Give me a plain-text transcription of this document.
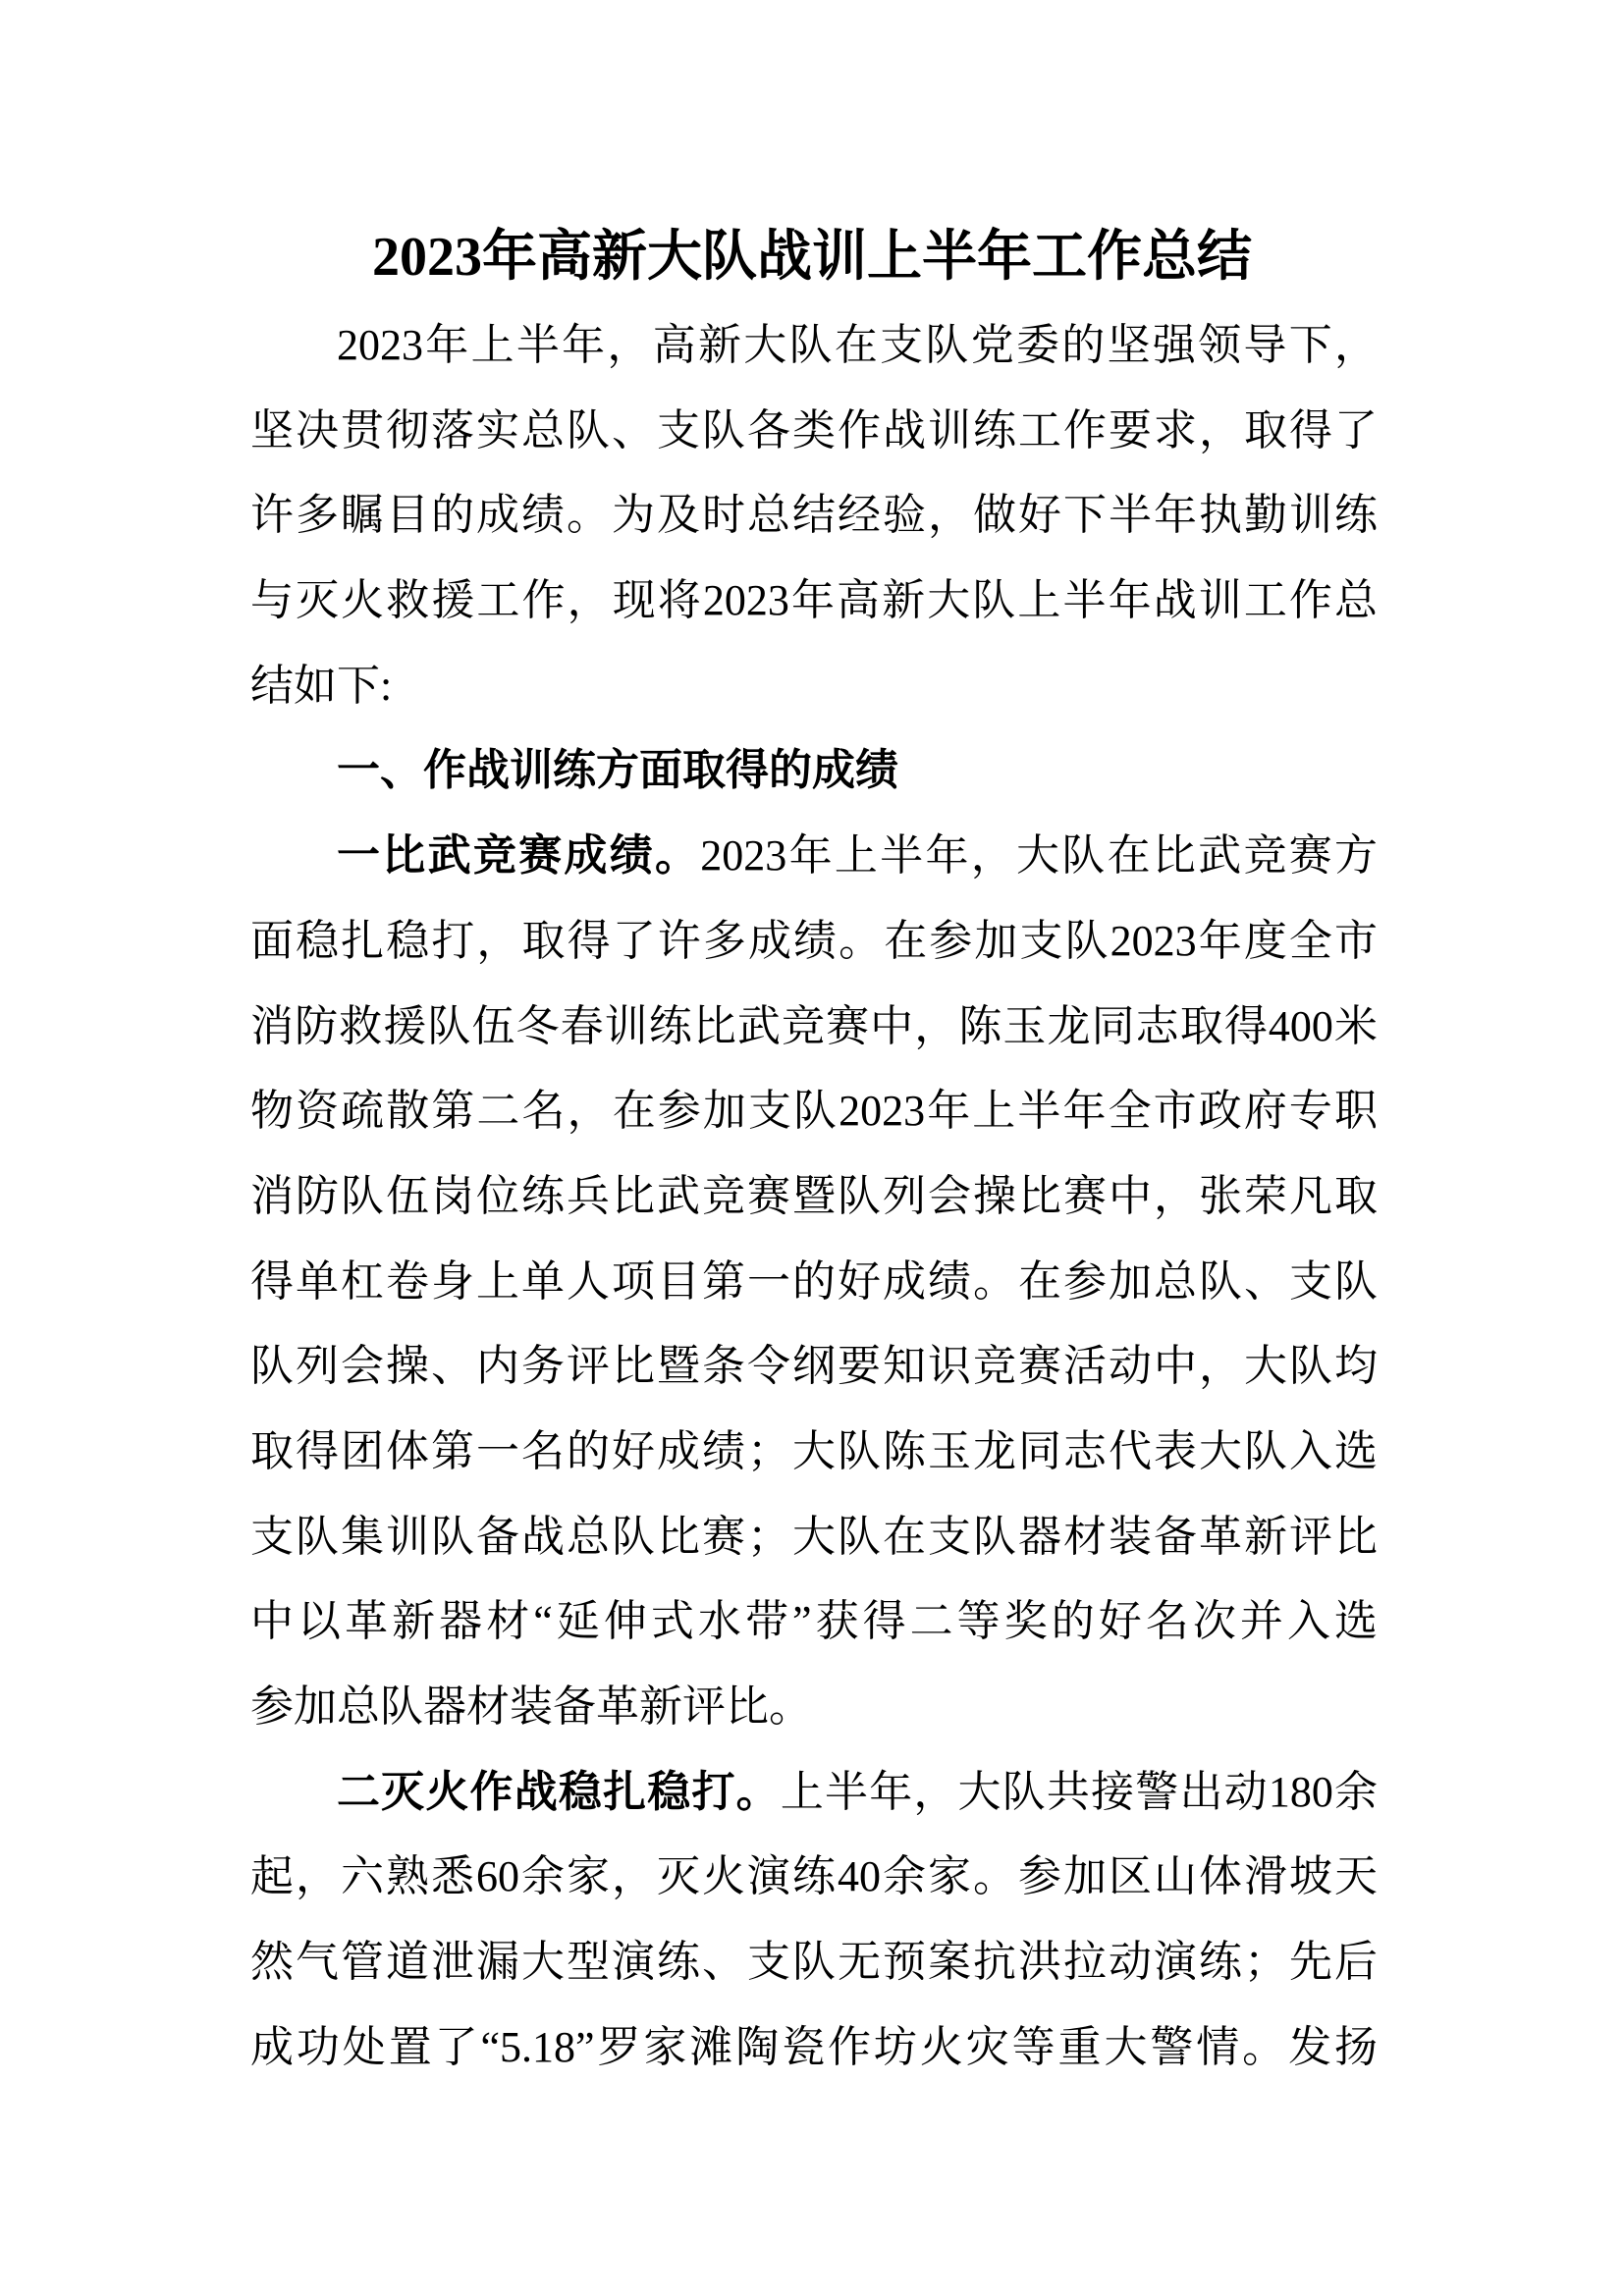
2023年高新大队战训上半年工作总结
2023年上半年，高新大队在支队党委的坚强领导下，
坚决贯彻落实总队、支队各类作战训练工作要求，取得了
许多瞩目的成绩。为及时总结经验，做好下半年执勤训练
与灭火救援工作，现将2023年高新大队上半年战训工作总
结如下:
一、作战训练方面取得的成绩
一比武竞赛成绩。2023年上半年，大队在比武竞赛方
面稳扎稳打，取得了许多成绩。在参加支队2023年度全市
消防救援队伍冬春训练比武竞赛中，陈玉龙同志取得400米
物资疏散第二名，在参加支队2023年上半年全市政府专职
消防队伍岗位练兵比武竞赛暨队列会操比赛中，张荣凡取
得单杠卷身上单人项目第一的好成绩。在参加总队、支队
队列会操、内务评比暨条令纲要知识竞赛活动中，大队均
取得团体第一名的好成绩；大队陈玉龙同志代表大队入选
支队集训队备战总队比赛；大队在支队器材装备革新评比
中以革新器材“延伸式水带”获得二等奖的好名次并入选
参加总队器材装备革新评比。
二灭火作战稳扎稳打。上半年，大队共接警出动180余
起，六熟悉60余家，灭火演练40余家。参加区山体滑坡天
然气管道泄漏大型演练、支队无预案抗洪拉动演练；先后
成功处置了“5.18”罗家滩陶瓷作坊火灾等重大警情。发扬
